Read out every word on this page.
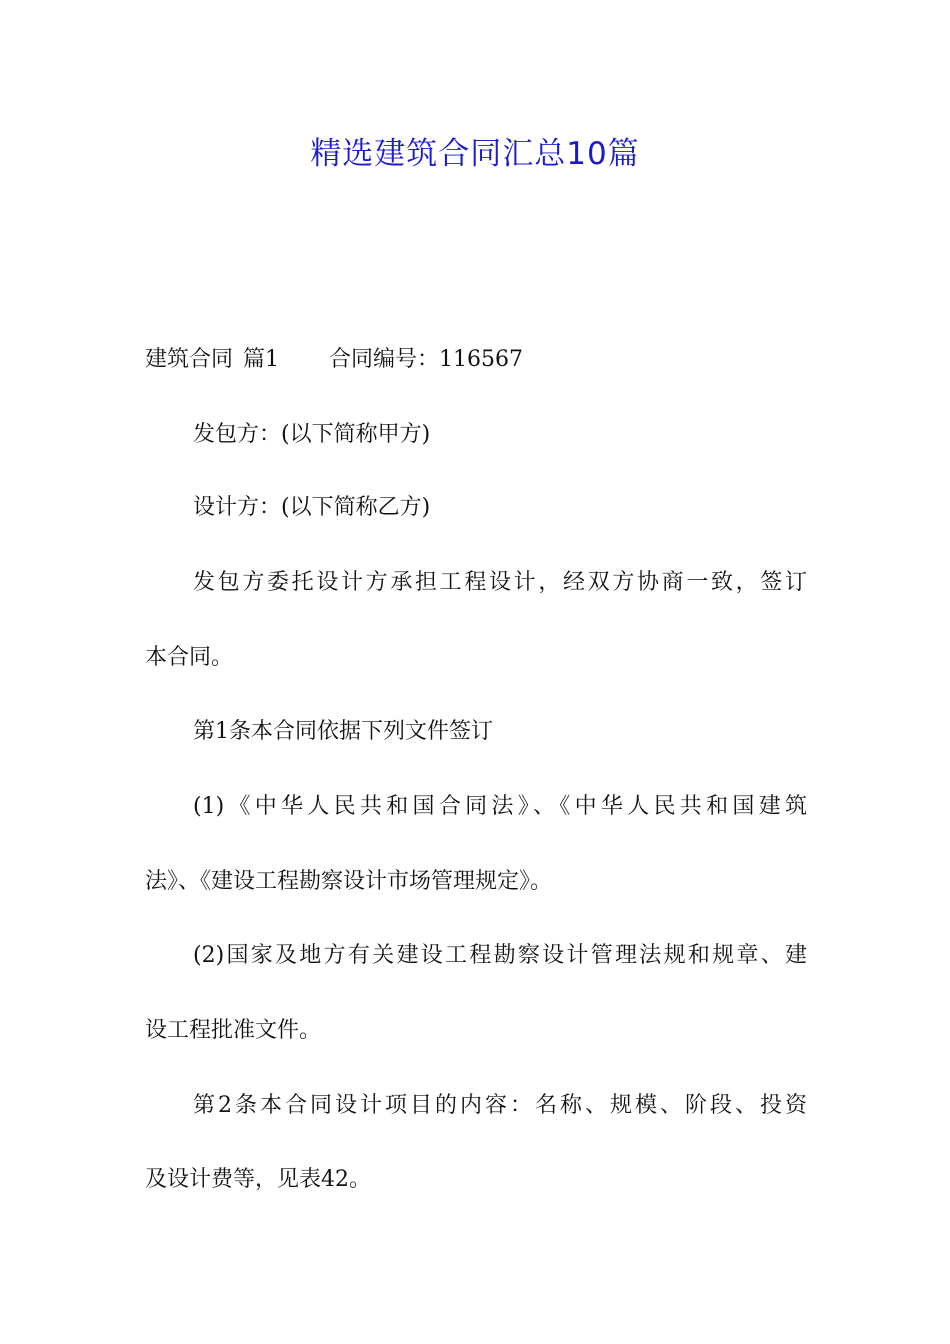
精选建筑合同汇总10篇
建筑合同 篇1 合同编号：116567
发包方：(以下简称甲方)
设计方：(以下简称乙方)
发包方委托设计方承担工程设计，经双方协商一致，签订
本合同。
第1条本合同依据下列文件签订
(1)《中华人民共和国合同法》、《中华人民共和国建筑
法》、《建设工程勘察设计市场管理规定》。
(2)国家及地方有关建设工程勘察设计管理法规和规章、建
设工程批准文件。
第2条本合同设计项目的内容：名称、规模、阶段、投资
及设计费等，见表42。
